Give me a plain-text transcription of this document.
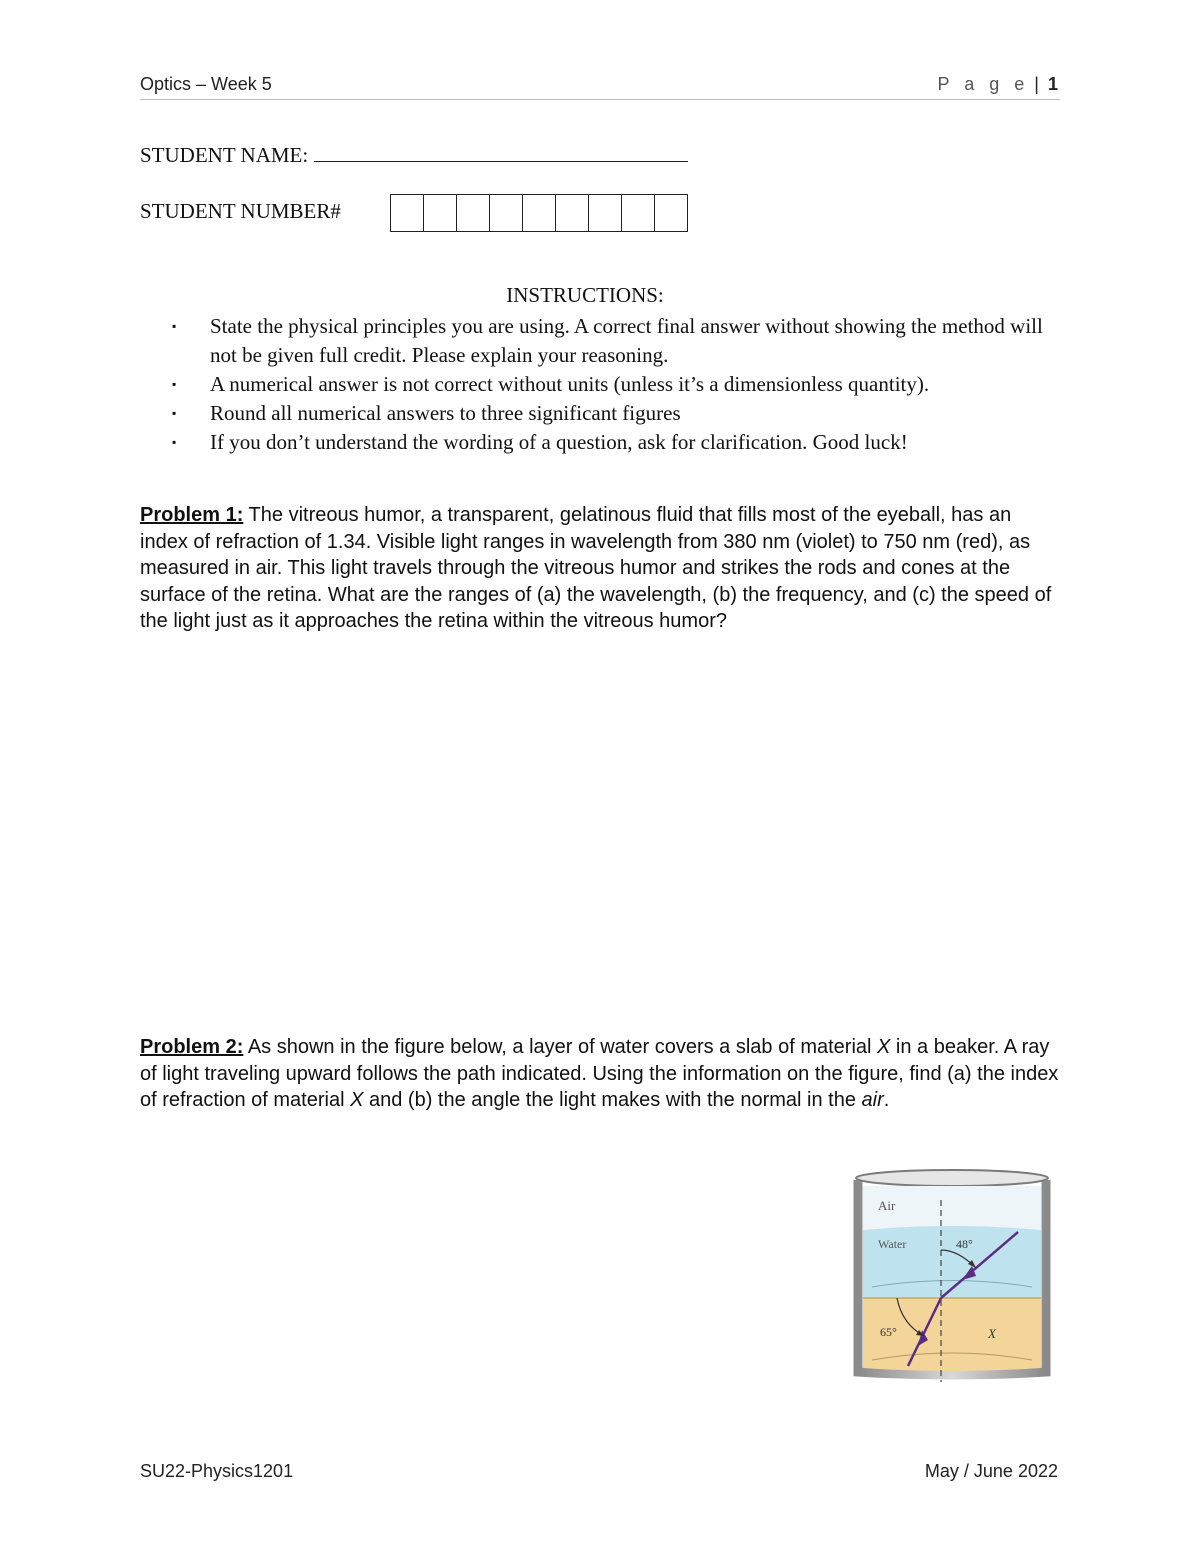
Optics – Week 5	P a g e | 1
STUDENT NAME:
STUDENT NUMBER#
INSTRUCTIONS:
▪ State the physical principles you are using. A correct final answer without showing the method will not be given full credit. Please explain your reasoning.
▪ A numerical answer is not correct without units (unless it’s a dimensionless quantity).
▪ Round all numerical answers to three significant figures
▪ If you don’t understand the wording of a question, ask for clarification. Good luck!
Problem 1: The vitreous humor, a transparent, gelatinous fluid that fills most of the eyeball, has an index of refraction of 1.34. Visible light ranges in wavelength from 380 nm (violet) to 750 nm (red), as measured in air. This light travels through the vitreous humor and strikes the rods and cones at the surface of the retina. What are the ranges of (a) the wavelength, (b) the frequency, and (c) the speed of the light just as it approaches the retina within the vitreous humor?
Problem 2: As shown in the figure below, a layer of water covers a slab of material X in a beaker. A ray of light traveling upward follows the path indicated. Using the information on the figure, find (a) the index of refraction of material X and (b) the angle the light makes with the normal in the air.
Air
Water	48°
65°	X
SU22-Physics1201	May / June 2022
